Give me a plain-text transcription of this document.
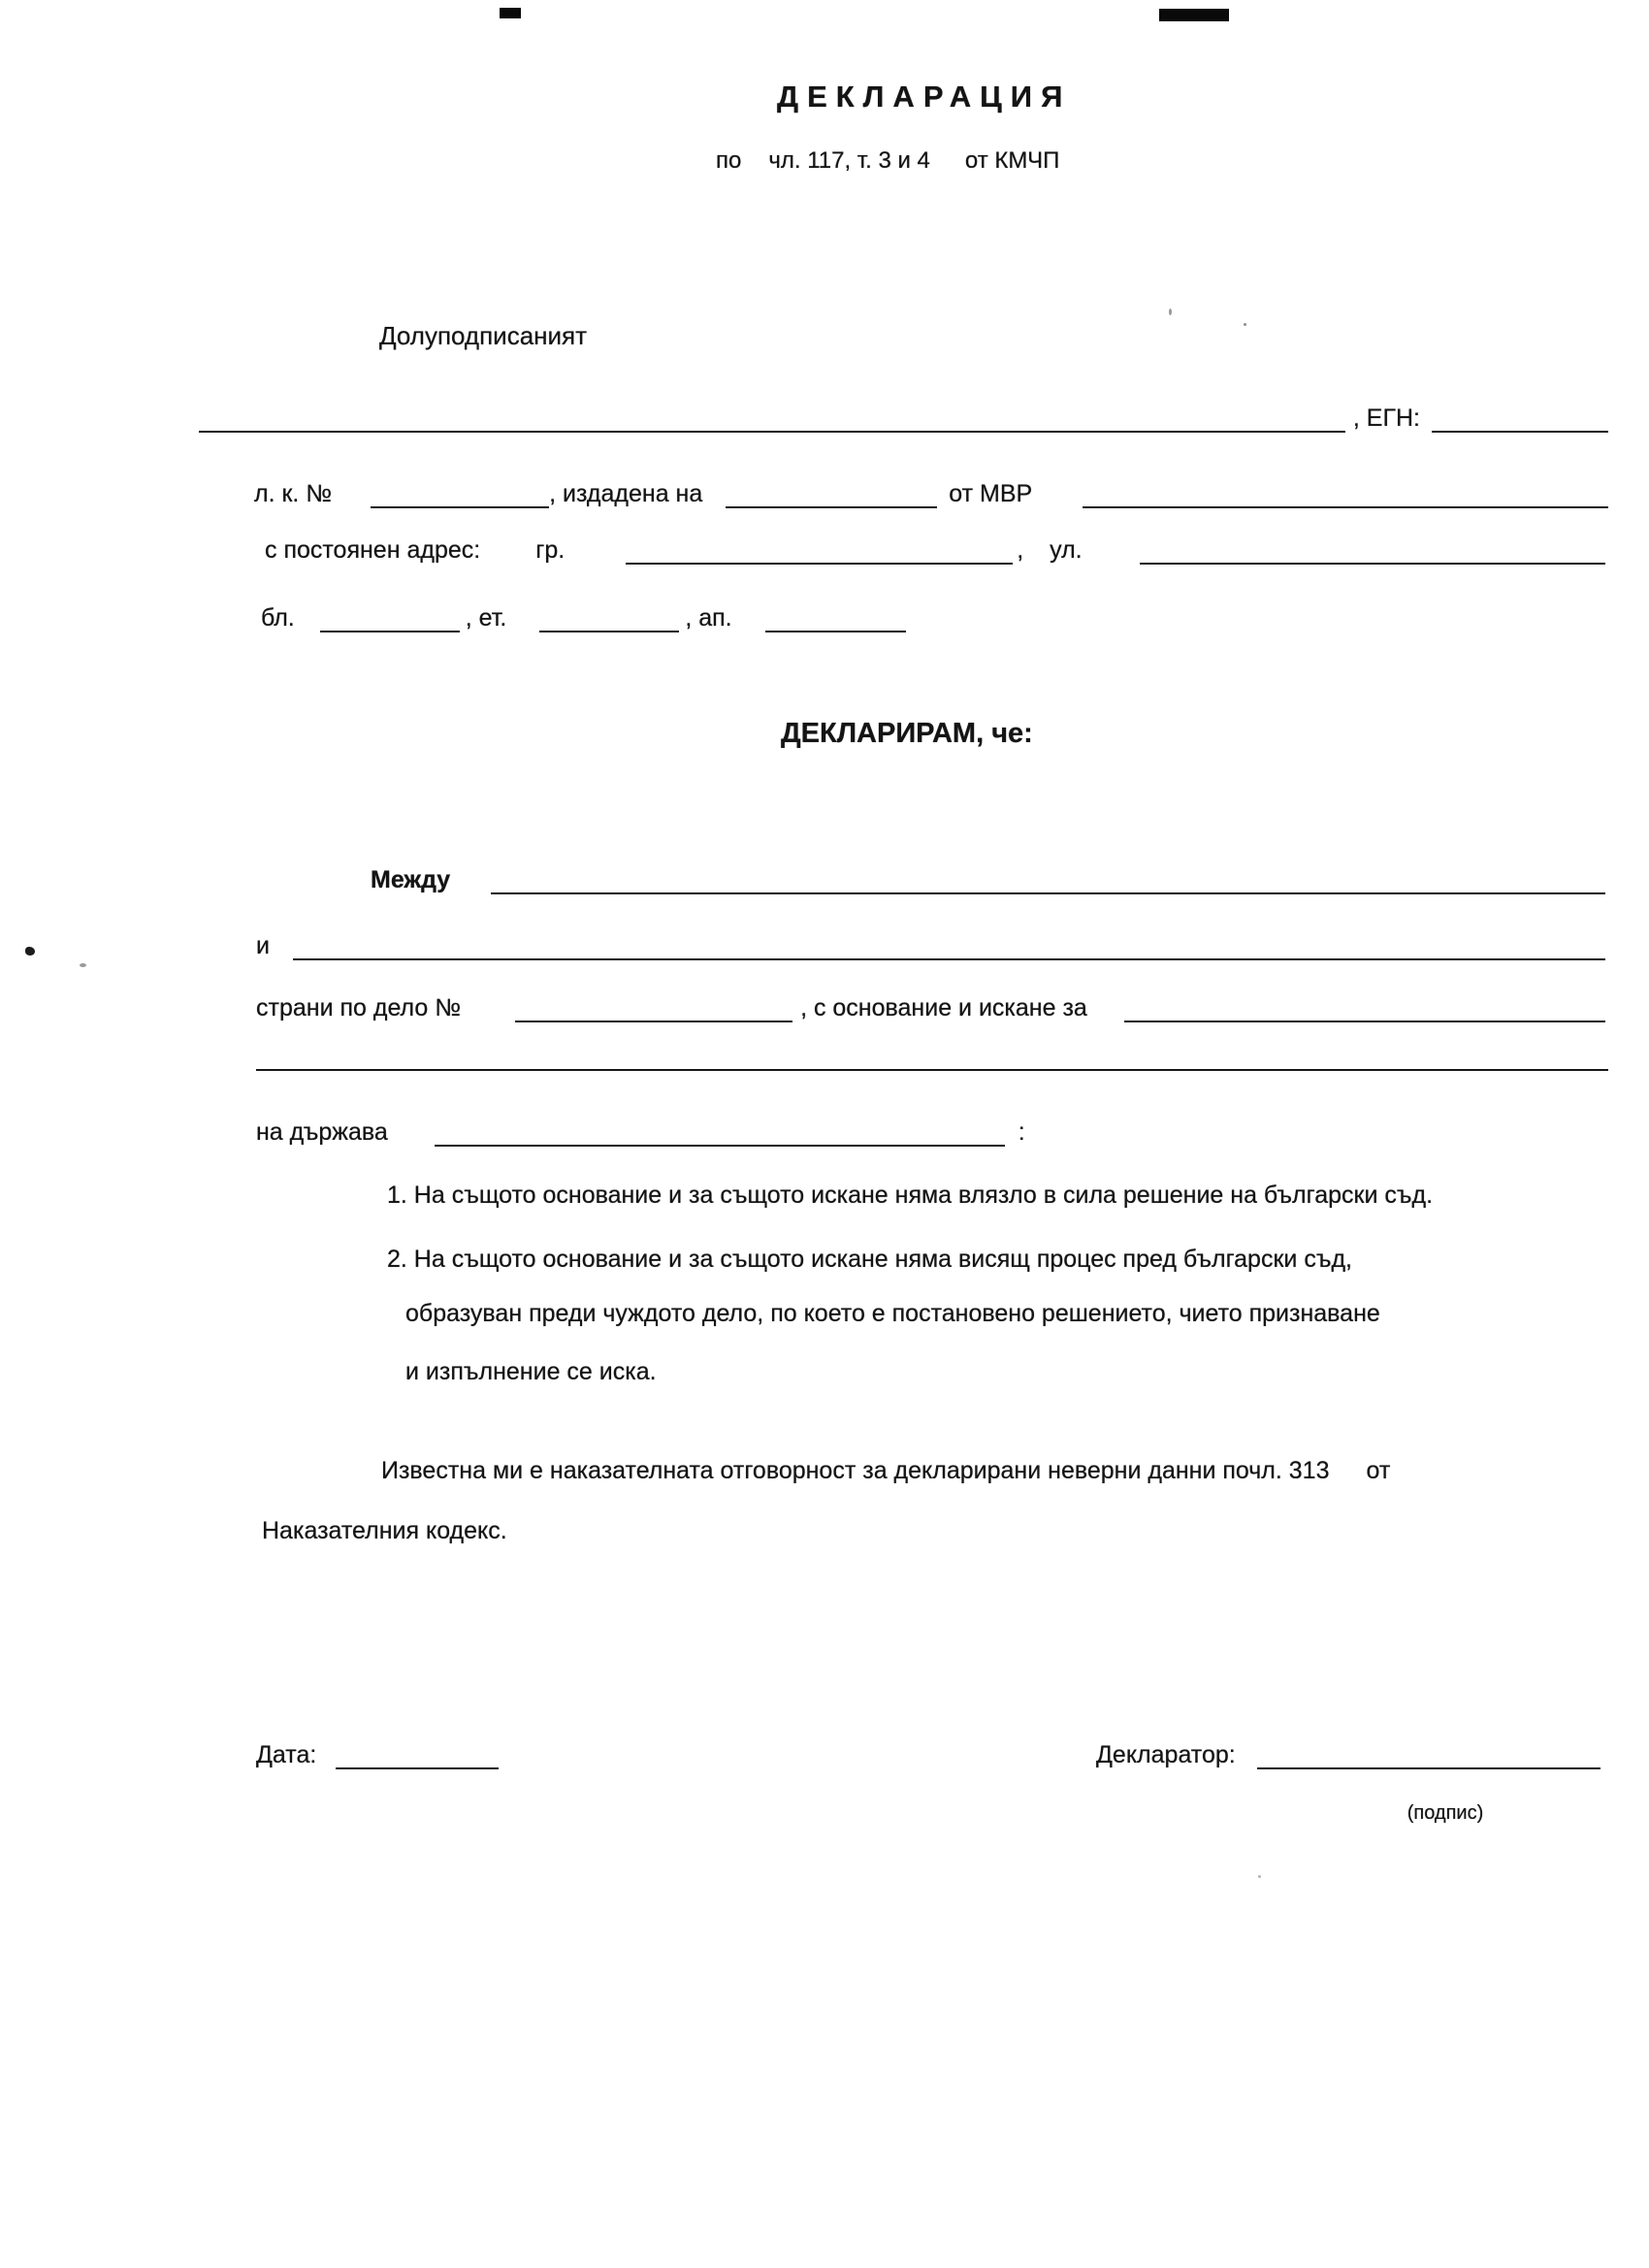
ДЕКЛАРАЦИЯ
по чл. 117, т. 3 и 4 от КМЧП
Долуподписаният
, ЕГН:
л. к. №	, издадена на	от МВР
с постоянен адрес: гр.	, ул.
бл.	, ет.	, ап.
ДЕКЛАРИРАМ, че:
Между
и
страни по дело №	, с основание и искане за
на държава	:
1. На същото основание и за същото искане няма влязло в сила решение на български съд.
2. На същото основание и за същото искане няма висящ процес пред български съд,
образуван преди чуждото дело, по което е постановено решението, чието признаване
и изпълнение се иска.
Известна ми е наказателната отговорност за декларирани неверни данни почл. 313 от
Наказателния кодекс.
Дата:	Декларатор:
(подпис)
